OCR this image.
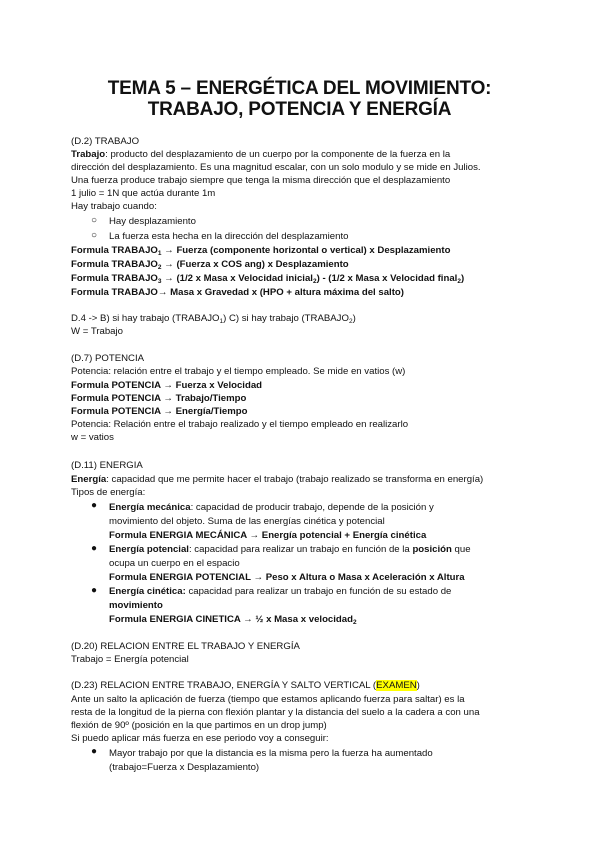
TEMA 5 – ENERGÉTICA DEL MOVIMIENTO:
TRABAJO, POTENCIA Y ENERGÍA
(D.2) TRABAJO
Trabajo: producto del desplazamiento de un cuerpo por la componente de la fuerza en la
dirección del desplazamiento. Es una magnitud escalar, con un solo modulo y se mide en Julios.
Una fuerza produce trabajo siempre que tenga la misma dirección que el desplazamiento
1 julio = 1N que actúa durante 1m
Hay trabajo cuando:
○ Hay desplazamiento
○ La fuerza esta hecha en la dirección del desplazamiento
Formula $TRABAJO_1$ → Fuerza (componente horizontal o vertical) x Desplazamiento
Formula $TRABAJO_2$ → (Fuerza x COS ang) x Desplazamiento
Formula $TRABAJO_3 \to (1/2$ x Masa x Velocidad inicial$_2$) - (1/2 x Masa x Velocidad final$_2$)
Formula TRABAJO→ Masa x Gravedad x (HPO + altura máxima del salto)
D.4 -> B) si hay trabajo $(TRABAJO_1)$ C) si hay trabajo $(TRABAJO_2)$
W = Trabajo
(D.7) POTENCIA
Potencia: relación entre el trabajo y el tiempo empleado. Se mide en vatios (w)
Formula POTENCIA → Fuerza x Velocidad
Formula POTENCIA → Trabajo/Tiempo
Formula POTENCIA → Energía/Tiempo
Potencia: Relación entre el trabajo realizado y el tiempo empleado en realizarlo
w = vatios
(D.11) ENERGIA
Energía: capacidad que me permite hacer el trabajo (trabajo realizado se transforma en energía)
Tipos de energía:
● Energía mecánica: capacidad de producir trabajo, depende de la posición y
movimiento del objeto. Suma de las energías cinética y potencial
Formula ENERGIA MECÁNICA → Energía potencial + Energía cinética
● Energía potencial: capacidad para realizar un trabajo en función de la posición que
ocupa un cuerpo en el espacio
Formula ENERGIA POTENCIAL → Peso x Altura o Masa x Aceleración x Altura
● Energía cinética: capacidad para realizar un trabajo en función de su estado de
movimiento
Formula ENERGIA CINETICA → ½ x Masa x velocidad$_2$
(D.20) RELACION ENTRE EL TRABAJO Y ENERGÍA
Trabajo = Energía potencial
(D.23) RELACION ENTRE TRABAJO, ENERGÍA Y SALTO VERTICAL (EXAMEN)
Ante un salto la aplicación de fuerza (tiempo que estamos aplicando fuerza para saltar) es la
resta de la longitud de la pierna con flexión plantar y la distancia del suelo a la cadera a con una
flexión de 90º (posición en la que partimos en un drop jump)
Si puedo aplicar más fuerza en ese periodo voy a conseguir:
● Mayor trabajo por que la distancia es la misma pero la fuerza ha aumentado
(trabajo=Fuerza x Desplazamiento)
